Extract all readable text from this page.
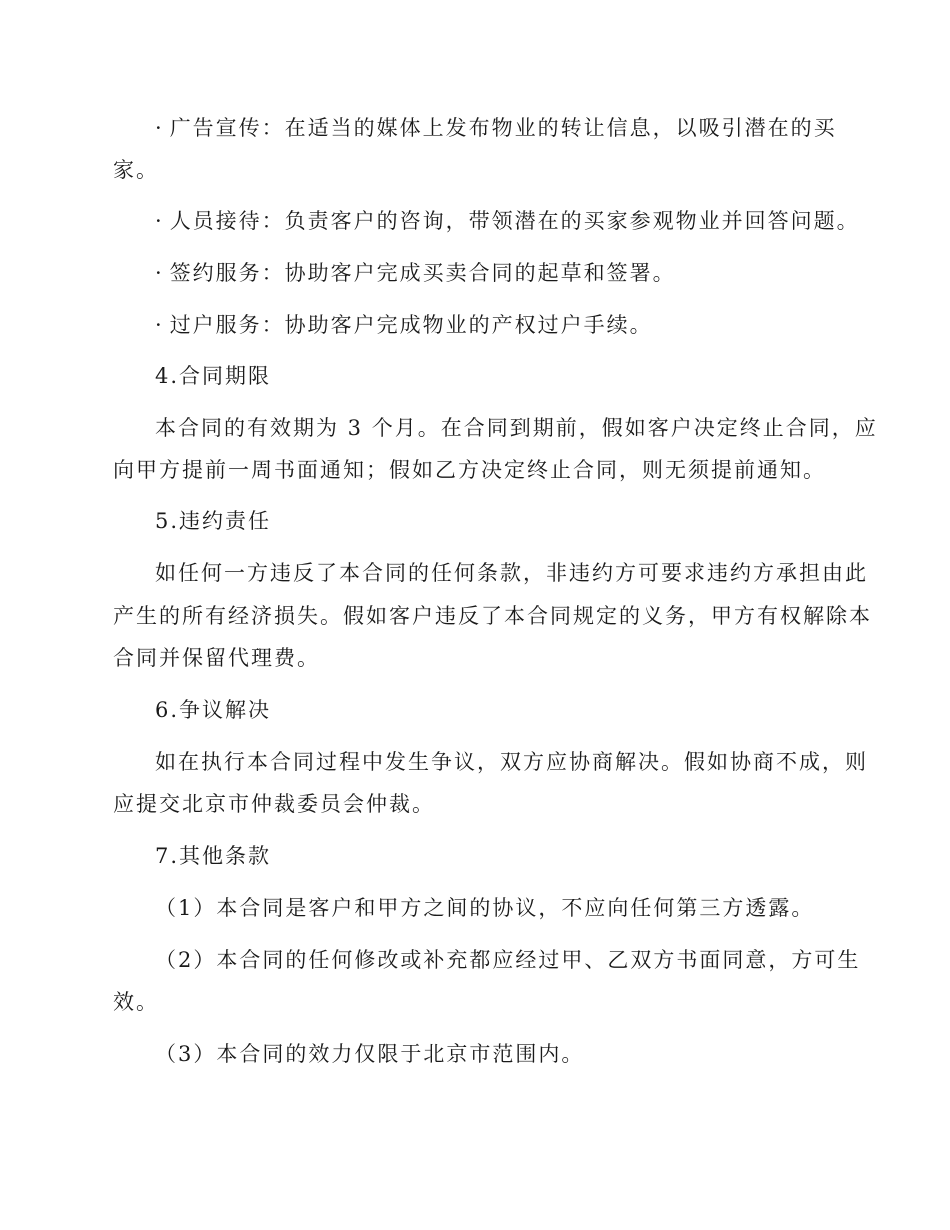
· 广告宣传：在适当的媒体上发布物业的转让信息，以吸引潜在的买
家。
· 人员接待：负责客户的咨询，带领潜在的买家参观物业并回答问题。
· 签约服务：协助客户完成买卖合同的起草和签署。
· 过户服务：协助客户完成物业的产权过户手续。
4.合同期限
本合同的有效期为 3 个月。在合同到期前，假如客户决定终止合同，应
向甲方提前一周书面通知；假如乙方决定终止合同，则无须提前通知。
5.违约责任
如任何一方违反了本合同的任何条款，非违约方可要求违约方承担由此
产生的所有经济损失。假如客户违反了本合同规定的义务，甲方有权解除本
合同并保留代理费。
6.争议解决
如在执行本合同过程中发生争议，双方应协商解决。假如协商不成，则
应提交北京市仲裁委员会仲裁。
7.其他条款
（1）本合同是客户和甲方之间的协议，不应向任何第三方透露。
（2）本合同的任何修改或补充都应经过甲、乙双方书面同意，方可生
效。
（3）本合同的效力仅限于北京市范围内。
